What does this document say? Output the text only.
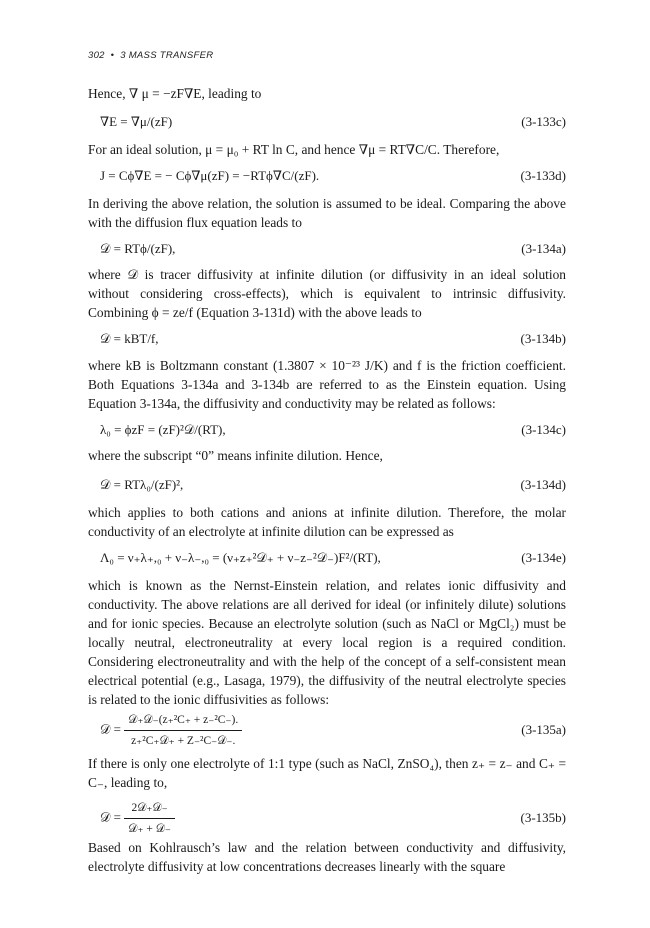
302 • 3 MASS TRANSFER

Hence, ∇ μ = −zF∇E, leading to

∇E = ∇μ/(zF)	(3-133c)

For an ideal solution, μ = μ₀ + RT ln C, and hence ∇μ = RT∇C/C. Therefore,

J = Cϕ∇E = − Cϕ∇μ(zF) = −RTϕ∇C/(zF).	(3-133d)

In deriving the above relation, the solution is assumed to be ideal. Comparing the above with the diffusion flux equation leads to

𝒟 = RTϕ/(zF),	(3-134a)

where 𝒟 is tracer diffusivity at infinite dilution (or diffusivity in an ideal solution without considering cross-effects), which is equivalent to intrinsic diffusivity. Combining ϕ = ze/f (Equation 3-131d) with the above leads to

𝒟 = kBT/f,	(3-134b)

where kB is Boltzmann constant (1.3807 × 10⁻²³ J/K) and f is the friction coefficient. Both Equations 3-134a and 3-134b are referred to as the Einstein equation. Using Equation 3-134a, the diffusivity and conductivity may be related as follows:

λ₀ = ϕzF = (zF)²𝒟/(RT),	(3-134c)

where the subscript “0” means infinite dilution. Hence,

𝒟 = RTλ₀/(zF)²,	(3-134d)

which applies to both cations and anions at infinite dilution. Therefore, the molar conductivity of an electrolyte at infinite dilution can be expressed as

Λ₀ = ν₊λ₊,₀ + ν₋λ₋,₀ = (ν₊z₊²𝒟₊ + ν₋z₋²𝒟₋)F²/(RT),	(3-134e)

which is known as the Nernst-Einstein relation, and relates ionic diffusivity and conductivity. The above relations are all derived for ideal (or infinitely dilute) solutions and for ionic species. Because an electrolyte solution (such as NaCl or MgCl₂) must be locally neutral, electroneutrality at every local region is a required condition. Considering electroneutrality and with the help of the concept of a self-consistent mean electrical potential (e.g., Lasaga, 1979), the diffusivity of the neutral electrolyte species is related to the ionic diffusivities as follows:

𝒟 = $\frac{\text{𝒟₊𝒟₋(z₊²C₊ + z₋²C₋).}}{\text{z₊²C₊𝒟₊ + Z₋²C₋𝒟₋.}}$	(3-135a)

If there is only one electrolyte of 1:1 type (such as NaCl, ZnSO₄), then z₊ = z₋ and C₊ = C₋, leading to,

𝒟 = $\frac{\text{2𝒟₊𝒟₋}}{\text{𝒟₊ + 𝒟₋}}$	(3-135b)

Based on Kohlrausch’s law and the relation between conductivity and diffusivity, electrolyte diffusivity at low concentrations decreases linearly with the square
